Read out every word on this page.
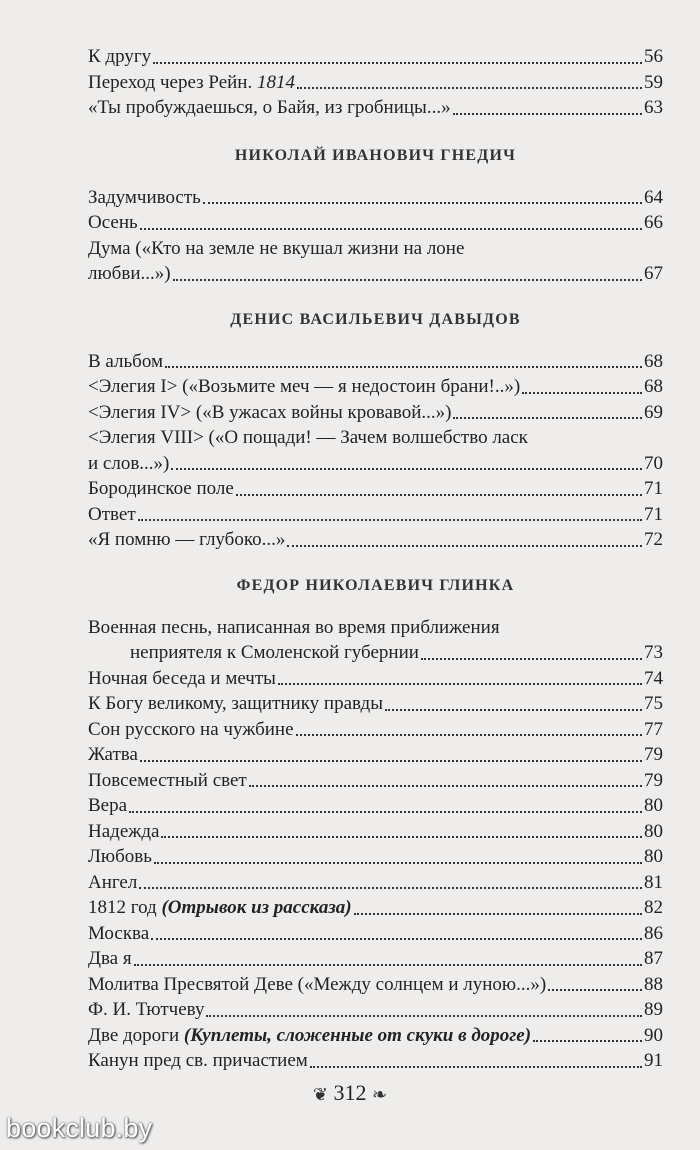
К другу	56
Переход через Рейн. 1814	59
«Ты пробуждаешься, о Байя, из гробницы...»	63
НИКОЛАЙ ИВАНОВИЧ ГНЕДИЧ
Задумчивость	64
Осень	66
Дума («Кто на земле не вкушал жизни на лоне
любви...»)	67
ДЕНИС ВАСИЛЬЕВИЧ ДАВЫДОВ
В альбом	68
<Элегия I> («Возьмите меч — я недостоин брани!..»)	68
<Элегия IV> («В ужасах войны кровавой...»)	69
<Элегия VIII> («О пощади! — Зачем волшебство ласк
и слов...»)	70
Бородинское поле	71
Ответ	71
«Я помню — глубоко...»	72
ФЕДОР НИКОЛАЕВИЧ ГЛИНКА
Военная песнь, написанная во время приближения
неприятеля к Смоленской губернии	73
Ночная беседа и мечты	74
К Богу великому, защитнику правды	75
Сон русского на чужбине	77
Жатва	79
Повсеместный свет	79
Вера	80
Надежда	80
Любовь	80
Ангел	81
1812 год (Отрывок из рассказа)	82
Москва	86
Два я	87
Молитва Пресвятой Деве («Между солнцем и луною...»)	88
Ф. И. Тютчеву	89
Две дороги (Куплеты, сложенные от скуки в дороге)	90
Канун пред св. причастием	91
❦ 312 ❧
bookclub.by
